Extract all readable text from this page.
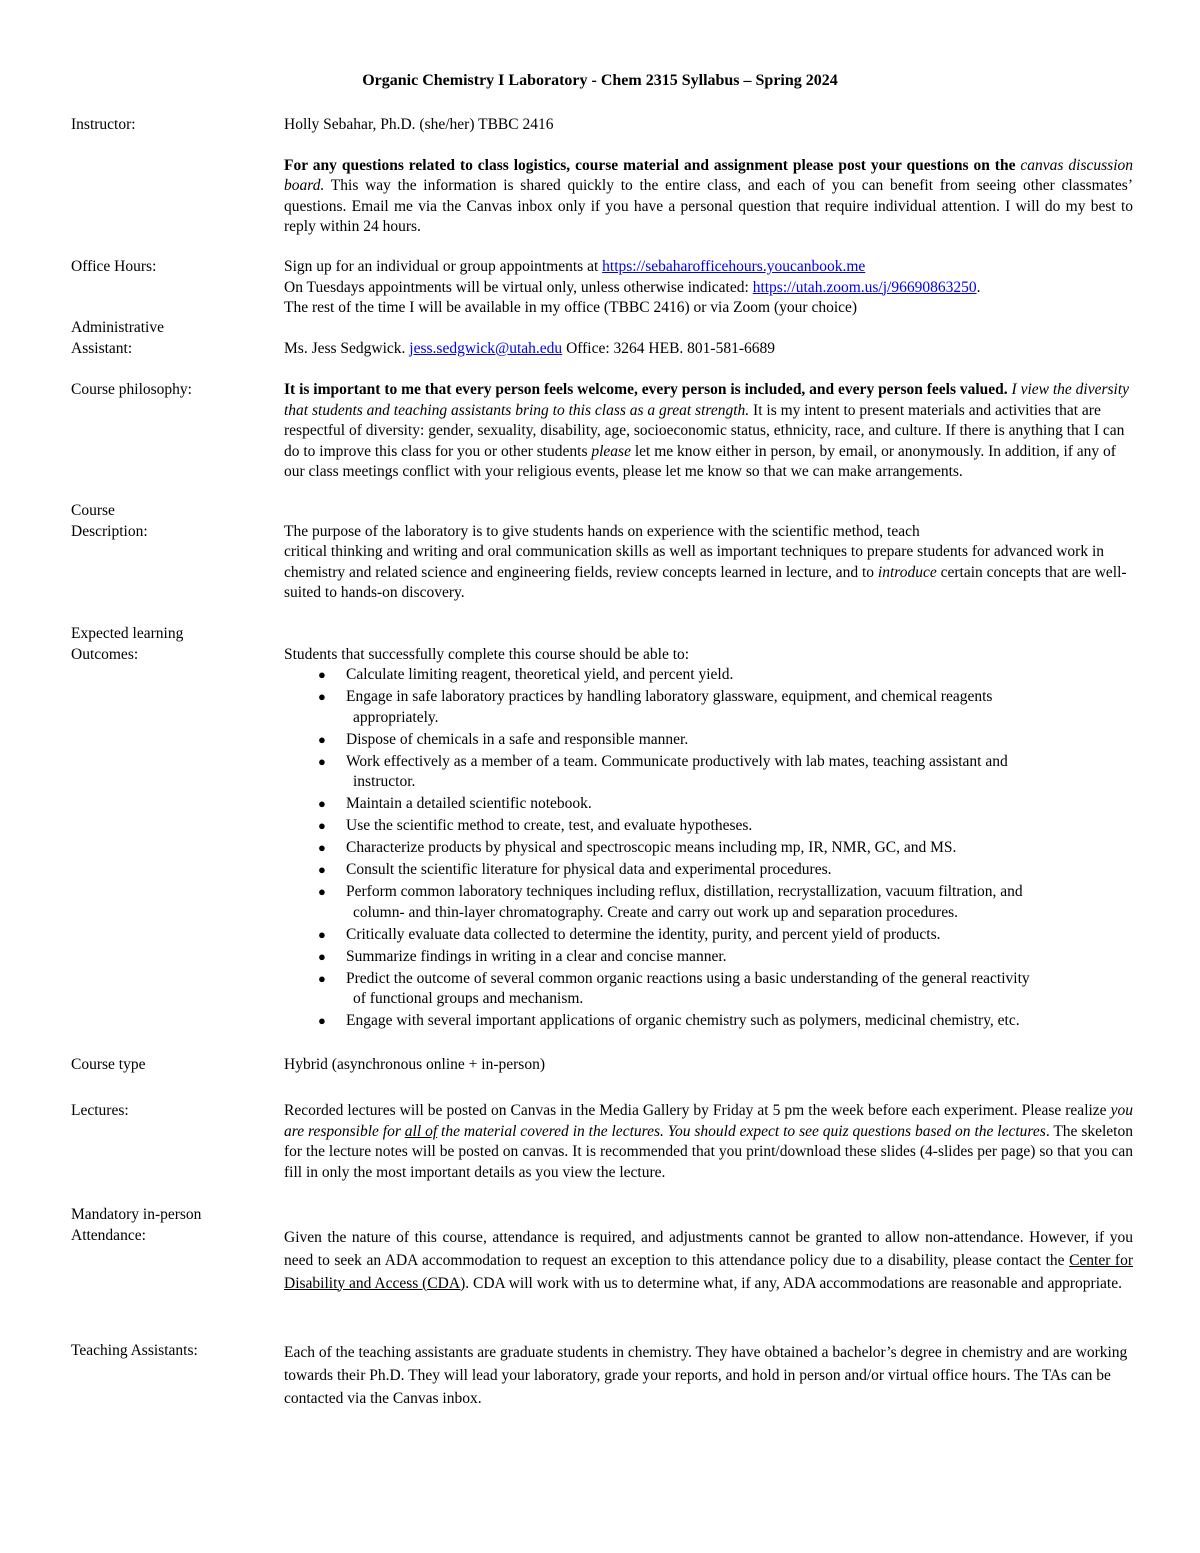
Organic Chemistry I Laboratory - Chem 2315 Syllabus – Spring 2024
Instructor:	Holly Sebahar, Ph.D. (she/her) TBBC 2416

For any questions related to class logistics, course material and assignment please post your questions on the canvas discussion board. This way the information is shared quickly to the entire class, and each of you can benefit from seeing other classmates’ questions. Email me via the Canvas inbox only if you have a personal question that require individual attention. I will do my best to reply within 24 hours.

Office Hours:	Sign up for an individual or group appointments at https://sebaharofficehours.youcanbook.me

On Tuesdays appointments will be virtual only, unless otherwise indicated: https://utah.zoom.us/j/96690863250.

The rest of the time I will be available in my office (TBBC 2416) or via Zoom (your choice)

Administrative
Assistant:	Ms. Jess Sedgwick. jess.sedgwick@utah.edu Office: 3264 HEB. 801-581-6689

Course philosophy:	It is important to me that every person feels welcome, every person is included, and every person feels valued. I view the diversity that students and teaching assistants bring to this class as a great strength. It is my intent to present materials and activities that are respectful of diversity: gender, sexuality, disability, age, socioeconomic status, ethnicity, race, and culture. If there is anything that I can do to improve this class for you or other students please let me know either in person, by email, or anonymously. In addition, if any of our class meetings conflict with your religious events, please let me know so that we can make arrangements.

Course
Description:	The purpose of the laboratory is to give students hands on experience with the scientific method, teach

critical thinking and writing and oral communication skills as well as important techniques to prepare students for advanced work in chemistry and related science and engineering fields, review concepts learned in lecture, and to introduce certain concepts that are well-suited to hands-on discovery.

Expected learning
Outcomes:	Students that successfully complete this course should be able to:

● Calculate limiting reagent, theoretical yield, and percent yield.
● Engage in safe laboratory practices by handling laboratory glassware, equipment, and chemical reagents
appropriately.
● Dispose of chemicals in a safe and responsible manner.
● Work effectively as a member of a team. Communicate productively with lab mates, teaching assistant and
instructor.
● Maintain a detailed scientific notebook.
● Use the scientific method to create, test, and evaluate hypotheses.
● Characterize products by physical and spectroscopic means including mp, IR, NMR, GC, and MS.
● Consult the scientific literature for physical data and experimental procedures.
● Perform common laboratory techniques including reflux, distillation, recrystallization, vacuum filtration, and
column- and thin-layer chromatography. Create and carry out work up and separation procedures.
● Critically evaluate data collected to determine the identity, purity, and percent yield of products.
● Summarize findings in writing in a clear and concise manner.
● Predict the outcome of several common organic reactions using a basic understanding of the general reactivity
of functional groups and mechanism.
● Engage with several important applications of organic chemistry such as polymers, medicinal chemistry, etc.
Course type	Hybrid (asynchronous online + in-person)
Lectures:	Recorded lectures will be posted on Canvas in the Media Gallery by Friday at 5 pm the week before each experiment. Please realize you are responsible for all of the material covered in the lectures. You should expect to see quiz questions based on the lectures. The skeleton for the lecture notes will be posted on canvas. It is recommended that you print/download these slides (4-slides per page) so that you can fill in only the most important details as you view the lecture.

Mandatory in-person
Attendance:	Given the nature of this course, attendance is required, and adjustments cannot be granted to allow non-attendance. However, if you need to seek an ADA accommodation to request an exception to this attendance policy due to a disability, please contact the Center for Disability and Access (CDA). CDA will work with us to determine what, if any, ADA accommodations are reasonable and appropriate.

Teaching Assistants:	Each of the teaching assistants are graduate students in chemistry. They have obtained a bachelor’s degree in chemistry and are working towards their Ph.D. They will lead your laboratory, grade your reports, and hold in person and/or virtual office hours. The TAs can be contacted via the Canvas inbox.
